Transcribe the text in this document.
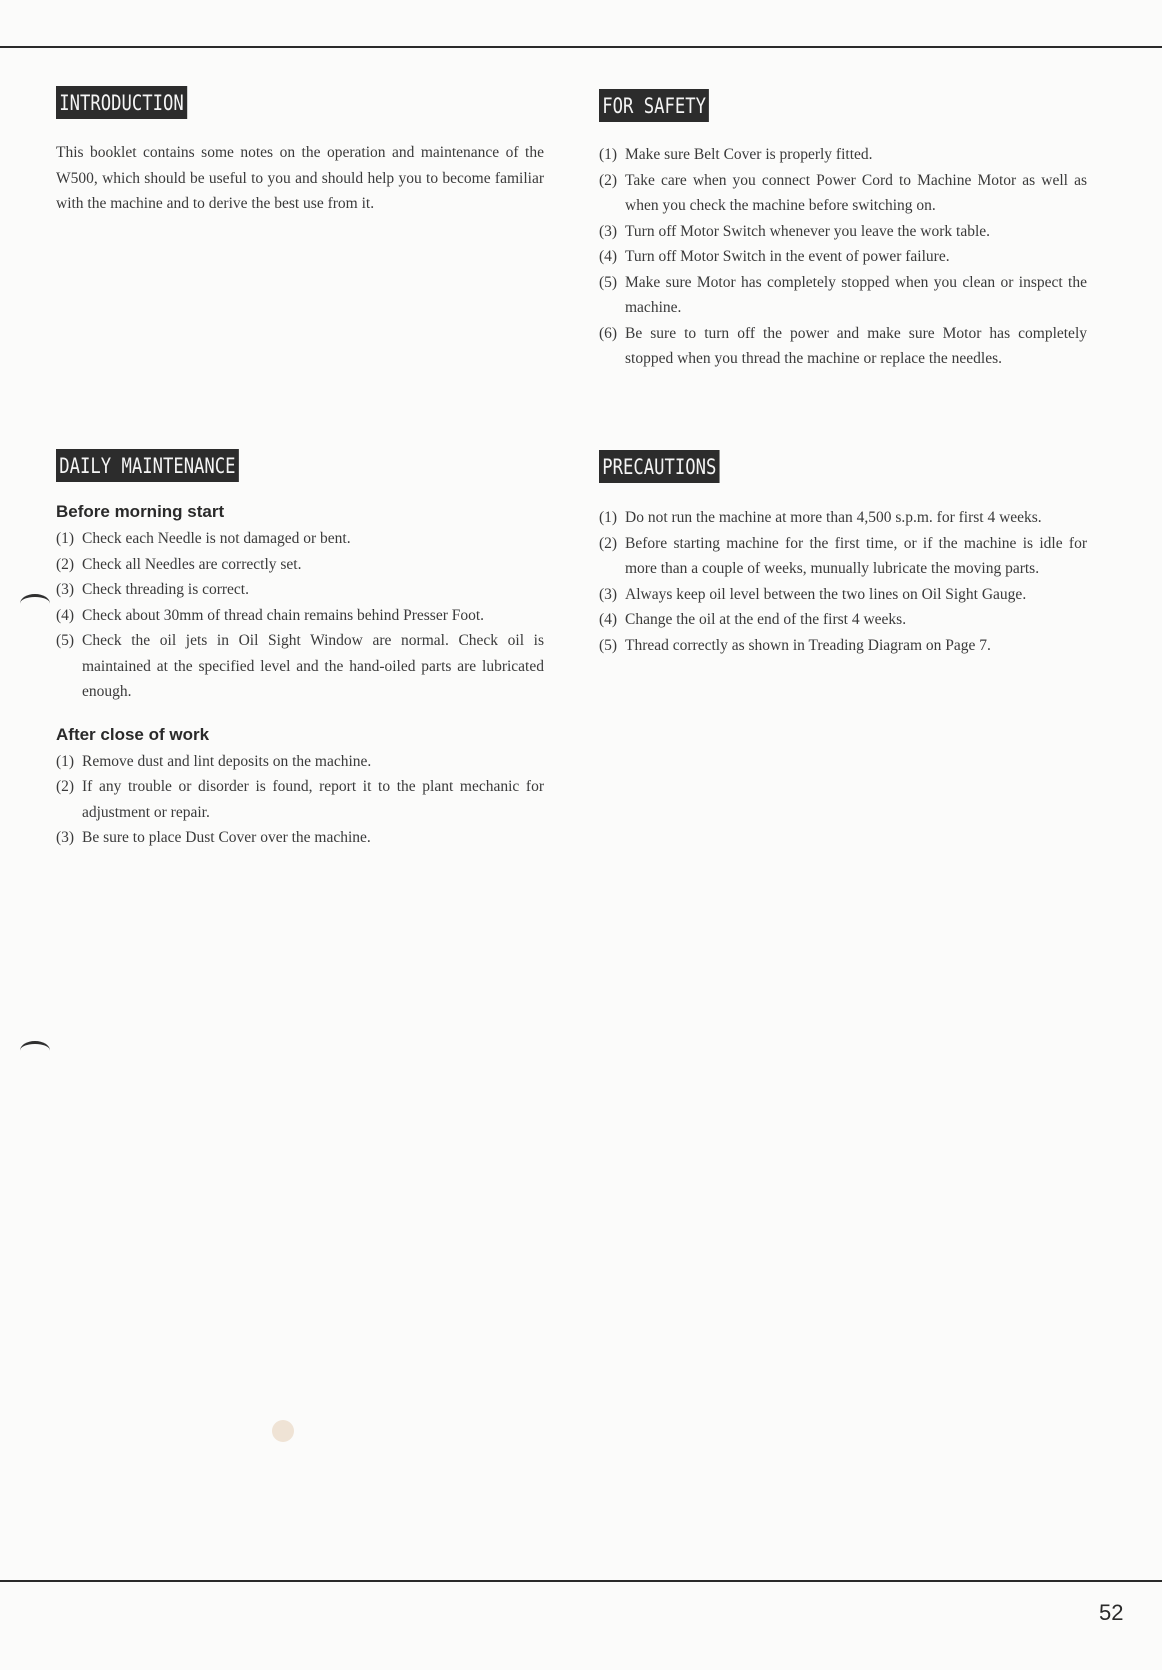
INTRODUCTION

This booklet contains some notes on the operation and maintenance of the W500, which should be useful to you and should help you to become familiar with the machine and to derive the best use from it.

FOR SAFETY
(1) Make sure Belt Cover is properly fitted.
(2) Take care when you connect Power Cord to Machine Motor as well as when you check the machine before switching on.
(3) Turn off Motor Switch whenever you leave the work table.
(4) Turn off Motor Switch in the event of power failure.
(5) Make sure Motor has completely stopped when you clean or inspect the machine.
(6) Be sure to turn off the power and make sure Motor has completely stopped when you thread the machine or replace the needles.
DAILY MAINTENANCE
Before morning start
(1) Check each Needle is not damaged or bent.
(2) Check all Needles are correctly set.
(3) Check threading is correct.
(4) Check about 30mm of thread chain remains behind Presser Foot.
(5) Check the oil jets in Oil Sight Window are normal. Check oil is maintained at the specified level and the hand-oiled parts are lubricated enough.
After close of work
(1) Remove dust and lint deposits on the machine.
(2) If any trouble or disorder is found, report it to the plant mechanic for adjustment or repair.
(3) Be sure to place Dust Cover over the machine.
PRECAUTIONS
(1) Do not run the machine at more than 4,500 s.p.m. for first 4 weeks.
(2) Before starting machine for the first time, or if the machine is idle for more than a couple of weeks, munually lubricate the moving parts.
(3) Always keep oil level between the two lines on Oil Sight Gauge.
(4) Change the oil at the end of the first 4 weeks.
(5) Thread correctly as shown in Treading Diagram on Page 7.
52
